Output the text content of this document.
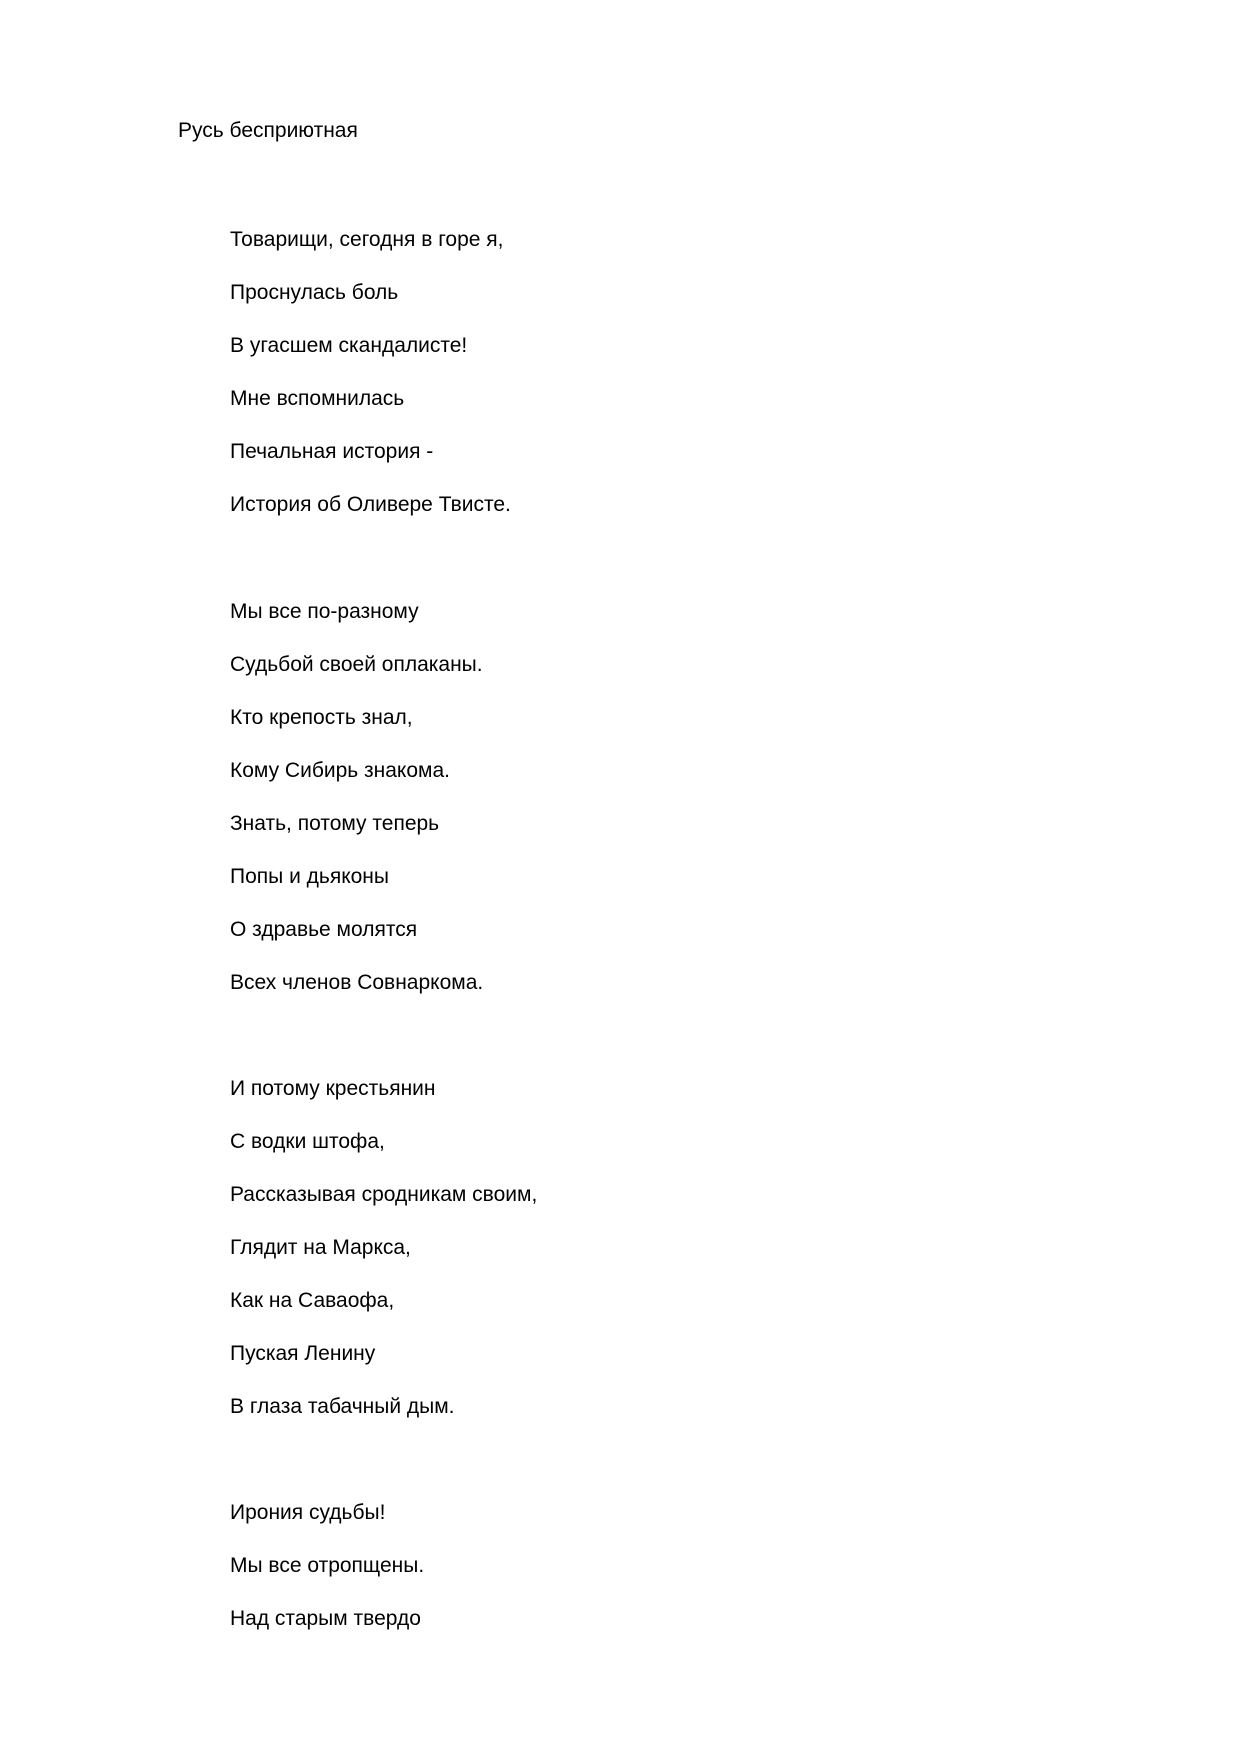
Русь бесприютная

Товарищи, сегодня в горе я,

Проснулась боль

В угасшем скандалисте!

Мне вспомнилась

Печальная история -

История об Оливере Твисте.

Мы все по-разному

Судьбой своей оплаканы.

Кто крепость знал,

Кому Сибирь знакома.

Знать, потому теперь

Попы и дьяконы

О здравье молятся

Всех членов Совнаркома.

И потому крестьянин

С водки штофа,

Рассказывая сродникам своим,

Глядит на Маркса,

Как на Саваофа,

Пуская Ленину

В глаза табачный дым.

Ирония судьбы!

Мы все отропщены.

Над старым твердо
